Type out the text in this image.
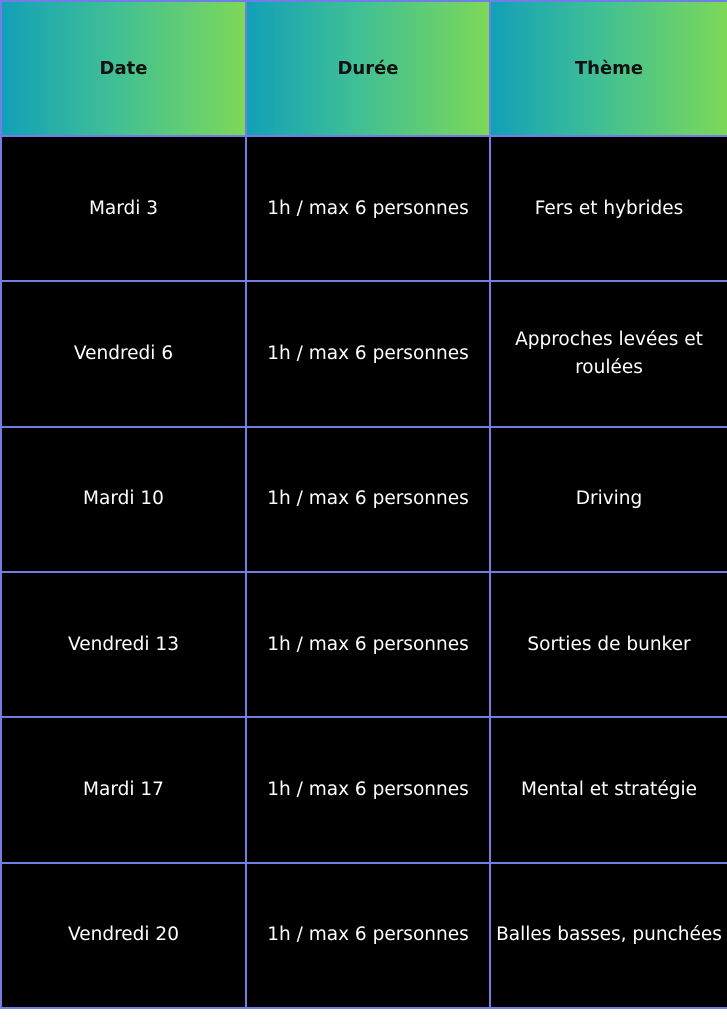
Date	Durée	Thème
Mardi 3	1h / max 6 personnes	Fers et hybrides
Vendredi 6	1h / max 6 personnes	Approches levées et roulées
Mardi 10	1h / max 6 personnes	Driving
Vendredi 13	1h / max 6 personnes	Sorties de bunker
Mardi 17	1h / max 6 personnes	Mental et stratégie
Vendredi 20	1h / max 6 personnes	Balles basses, punchées
